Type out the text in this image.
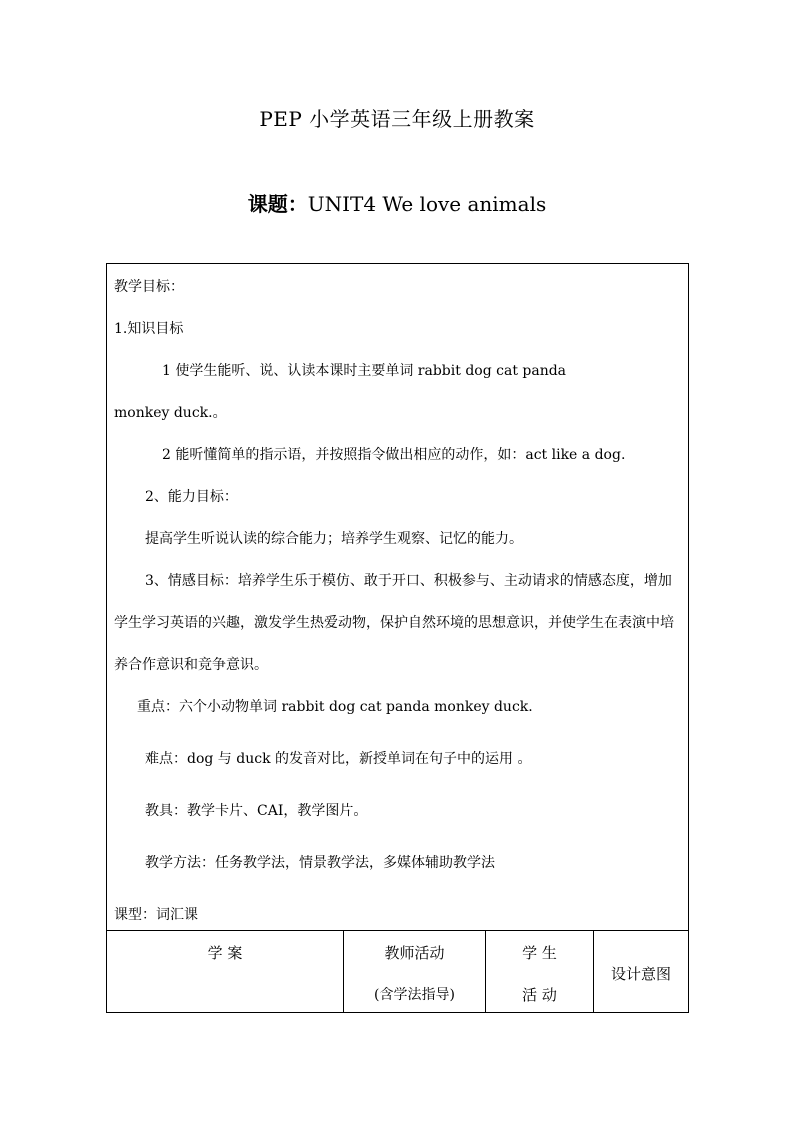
PEP 小学英语三年级上册教案
课题：UNIT4 We love animals
教学目标：
1.知识目标
1 使学生能听、说、认读本课时主要单词 rabbit dog cat panda
monkey duck.。
2 能听懂简单的指示语，并按照指令做出相应的动作，如：act like a dog.
2、能力目标：
提高学生听说认读的综合能力；培养学生观察、记忆的能力。
3、情感目标：培养学生乐于模仿、敢于开口、积极参与、主动请求的情感态度，增加学生学习英语的兴趣，激发学生热爱动物，保护自然环境的思想意识，并使学生在表演中培养合作意识和竞争意识。
重点：六个小动物单词 rabbit dog cat panda monkey duck.
难点：dog 与 duck 的发音对比，新授单词在句子中的运用 。
教具：教学卡片、CAI，教学图片。
教学方法：任务教学法，情景教学法，多媒体辅助教学法
课型：词汇课
学 案	教师活动
(含学法指导)
学 生
活 动
设计意图
